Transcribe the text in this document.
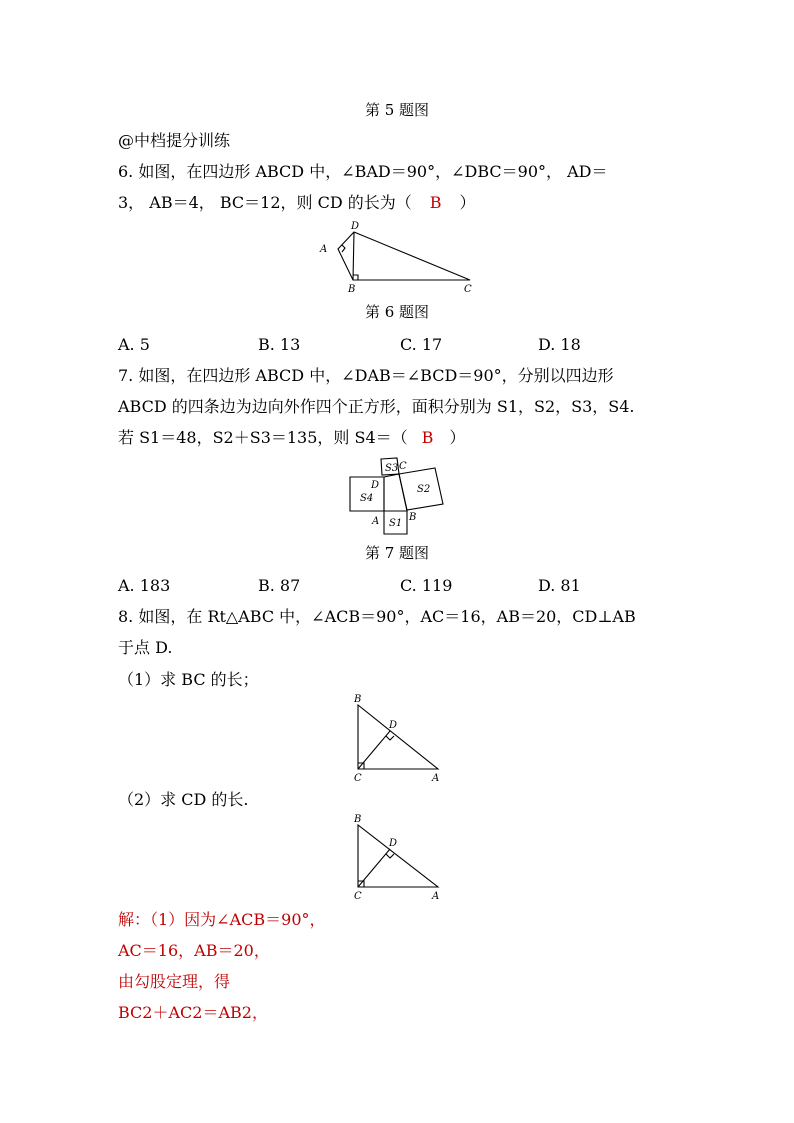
第 5 题图
@中档提分训练
6. 如图，在四边形 ABCD 中，∠BAD＝90°，∠DBC＝90°， AD＝
3， AB＝4， BC＝12，则 CD 的长为（ B ）
D
A
B	C
第 6 题图
A. 5	B. 13	C. 17	D. 18
7. 如图，在四边形 ABCD 中，∠DAB＝∠BCD＝90°，分别以四边形
ABCD 的四条边为边向外作四个正方形，面积分别为 S1，S2，S3，S4.
若 S1＝48，S2＋S3＝135，则 S4＝（ B ）
S3 C
S2
D
S4
A S1
B
第 7 题图
A. 183	B. 87	C. 119	D. 81
8. 如图，在 Rt△ABC 中，∠ACB＝90°，AC＝16，AB＝20，CD⊥AB
于点 D.
（1）求 BC 的长；
B
D
C	A
（2）求 CD 的长.
B
D
C	A
解：（1）因为∠ACB＝90°，
AC＝16，AB＝20，
由勾股定理，得
BC2＋AC2＝AB2，
